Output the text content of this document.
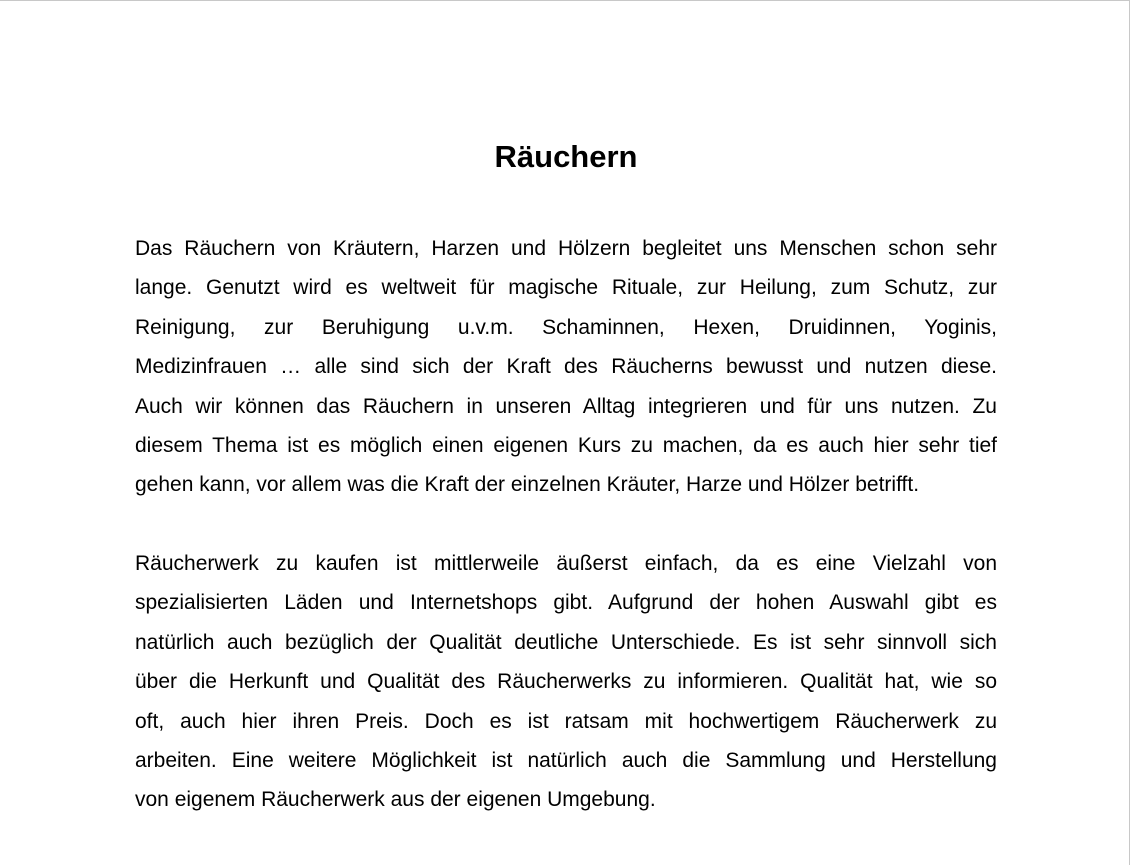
Räuchern
Das Räuchern von Kräutern, Harzen und Hölzern begleitet uns Menschen schon sehr
lange. Genutzt wird es weltweit für magische Rituale, zur Heilung, zum Schutz, zur
Reinigung, zur Beruhigung u.v.m. Schaminnen, Hexen, Druidinnen, Yoginis,
Medizinfrauen … alle sind sich der Kraft des Räucherns bewusst und nutzen diese.
Auch wir können das Räuchern in unseren Alltag integrieren und für uns nutzen. Zu
diesem Thema ist es möglich einen eigenen Kurs zu machen, da es auch hier sehr tief
gehen kann, vor allem was die Kraft der einzelnen Kräuter, Harze und Hölzer betrifft.
Räucherwerk zu kaufen ist mittlerweile äußerst einfach, da es eine Vielzahl von
spezialisierten Läden und Internetshops gibt. Aufgrund der hohen Auswahl gibt es
natürlich auch bezüglich der Qualität deutliche Unterschiede. Es ist sehr sinnvoll sich
über die Herkunft und Qualität des Räucherwerks zu informieren. Qualität hat, wie so
oft, auch hier ihren Preis. Doch es ist ratsam mit hochwertigem Räucherwerk zu
arbeiten. Eine weitere Möglichkeit ist natürlich auch die Sammlung und Herstellung
von eigenem Räucherwerk aus der eigenen Umgebung.
